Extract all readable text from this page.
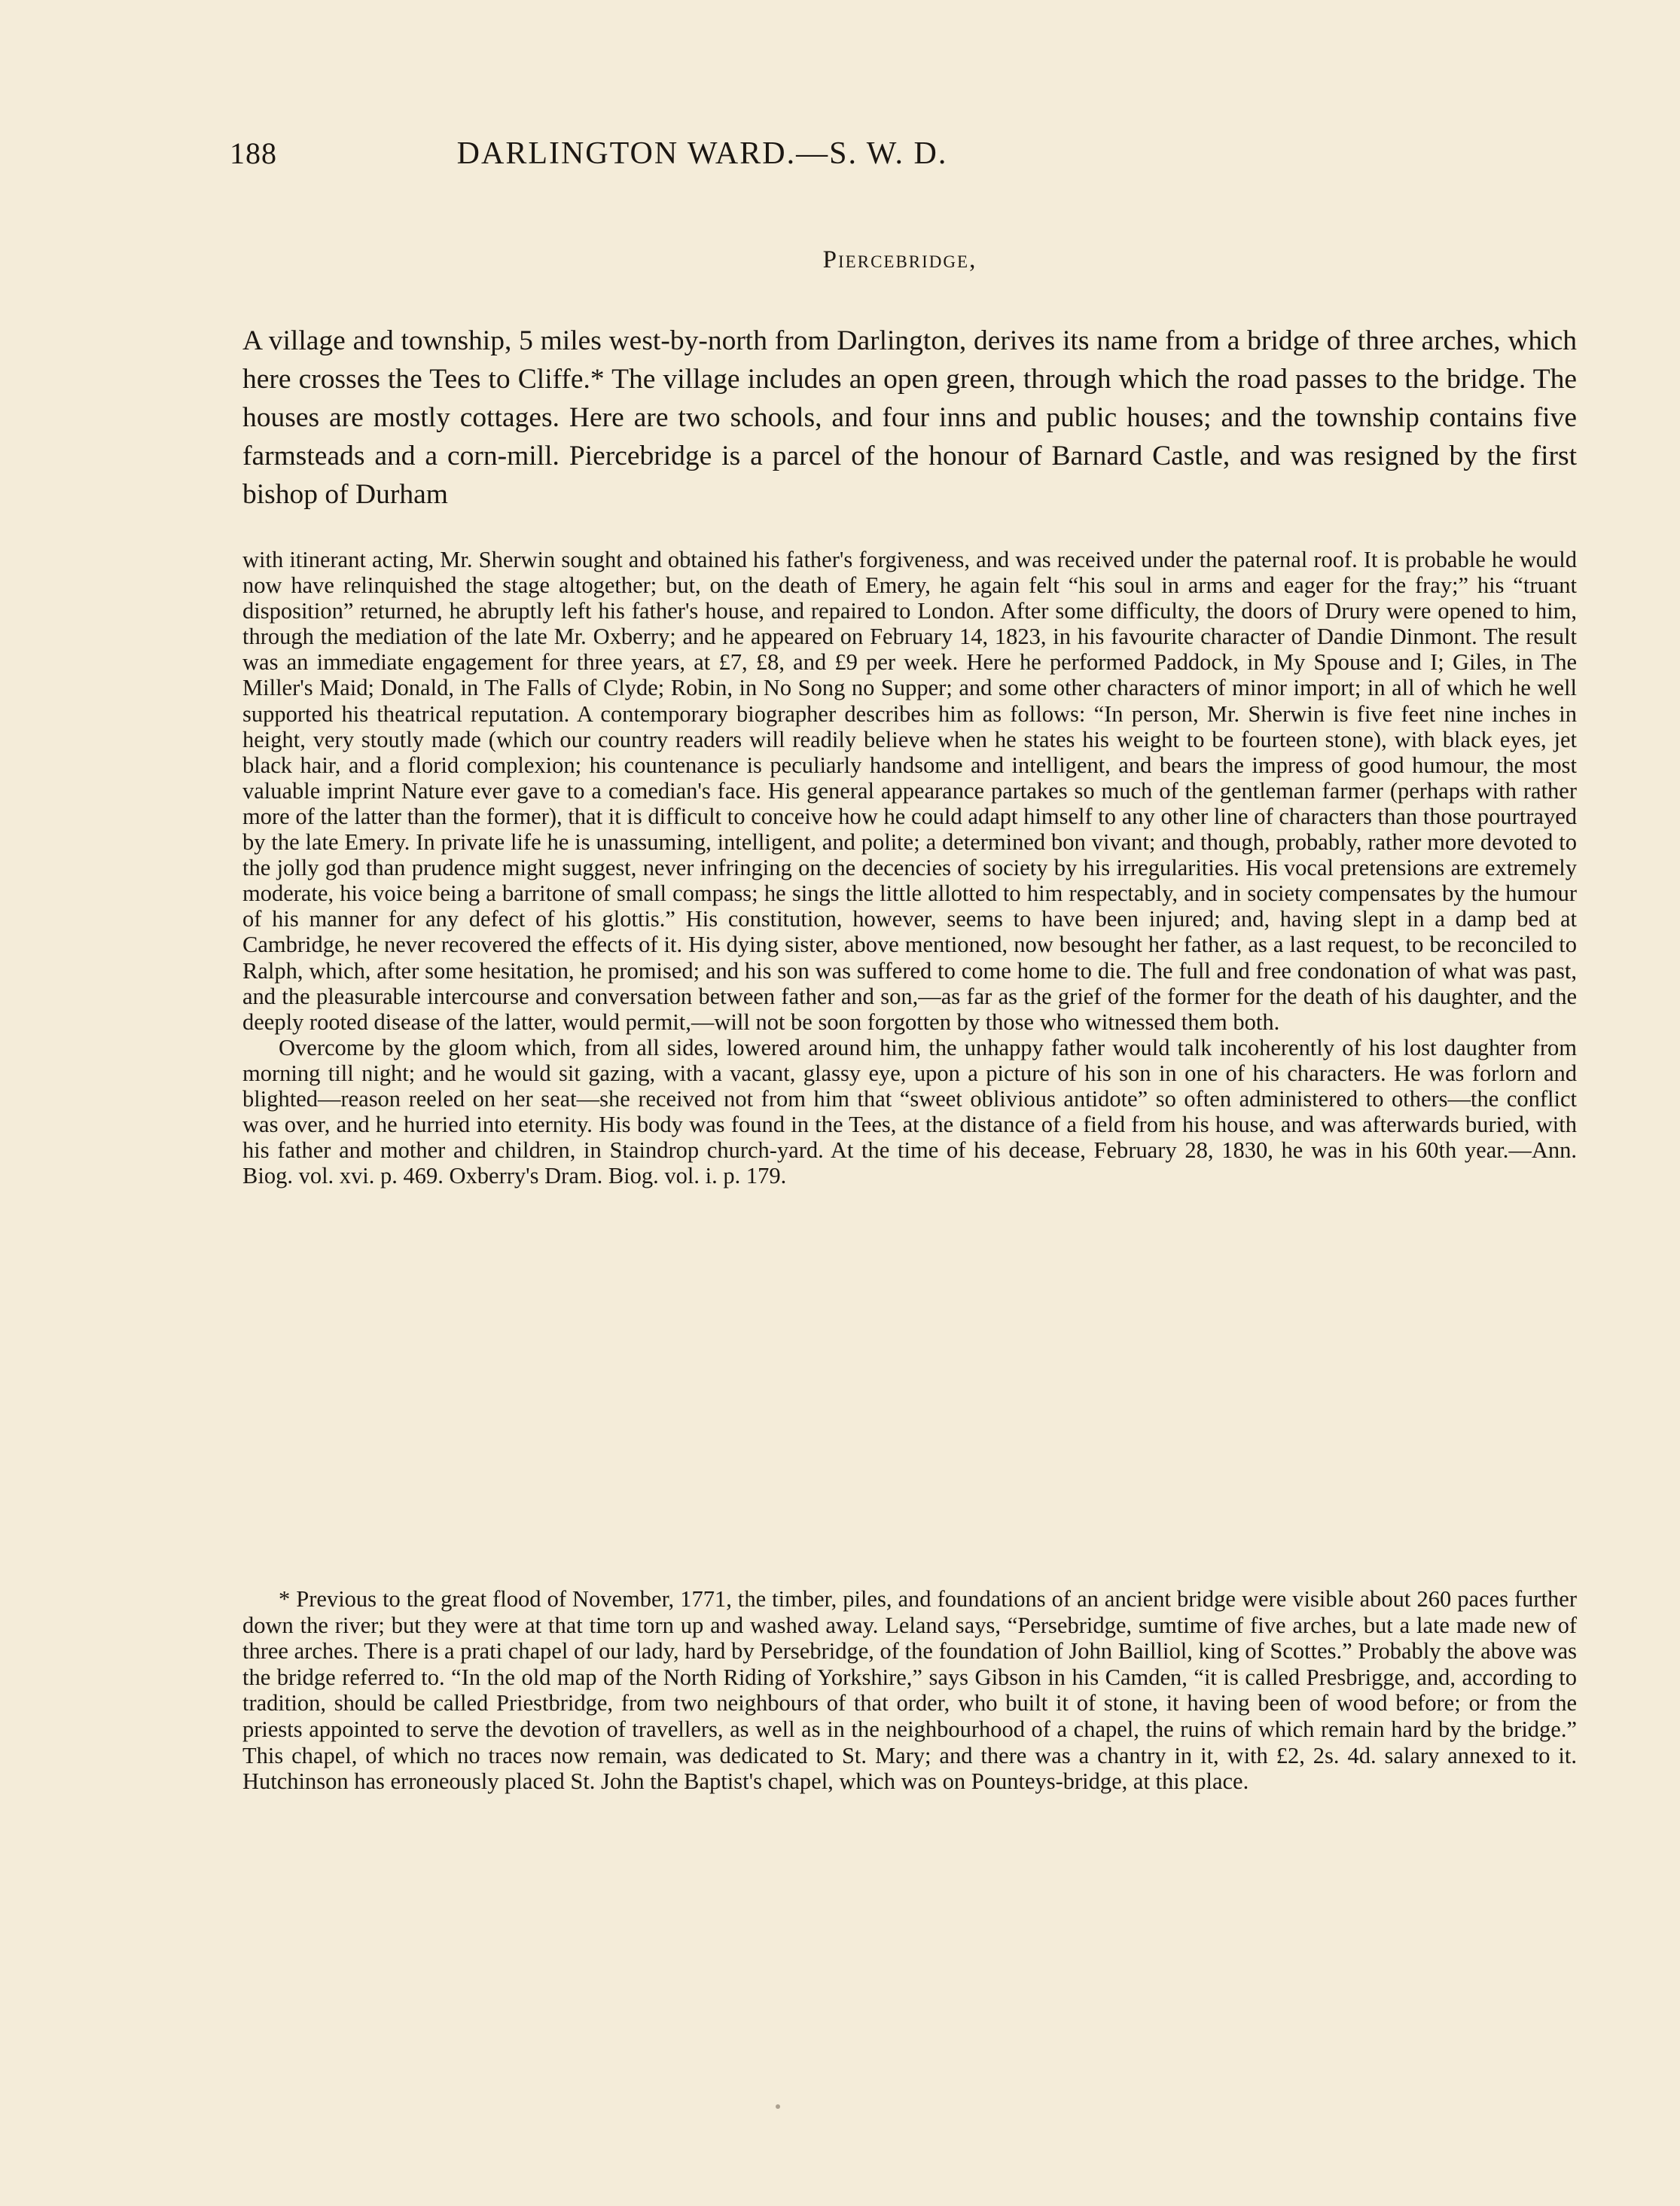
188	DARLINGTON WARD.—S. W. D.
Piercebridge,

A village and township, 5 miles west-by-north from Darlington, derives its name from a bridge of three arches, which here crosses the Tees to Cliffe.* The village includes an open green, through which the road passes to the bridge. The houses are mostly cottages. Here are two schools, and four inns and public houses; and the township contains five farmsteads and a corn-mill. Piercebridge is a parcel of the honour of Barnard Castle, and was resigned by the first bishop of Durham

with itinerant acting, Mr. Sherwin sought and obtained his father's forgiveness, and was received under the paternal roof. It is probable he would now have relinquished the stage altogether; but, on the death of Emery, he again felt “his soul in arms and eager for the fray;” his “truant disposition” returned, he abruptly left his father's house, and repaired to London. After some difficulty, the doors of Drury were opened to him, through the mediation of the late Mr. Oxberry; and he appeared on February 14, 1823, in his favourite character of Dandie Dinmont. The result was an immediate engagement for three years, at £7, £8, and £9 per week. Here he performed Paddock, in My Spouse and I; Giles, in The Miller's Maid; Donald, in The Falls of Clyde; Robin, in No Song no Supper; and some other characters of minor import; in all of which he well supported his theatrical reputation. A contemporary biographer describes him as follows: “In person, Mr. Sherwin is five feet nine inches in height, very stoutly made (which our country readers will readily believe when he states his weight to be fourteen stone), with black eyes, jet black hair, and a florid complexion; his countenance is peculiarly handsome and intelligent, and bears the impress of good humour, the most valuable imprint Nature ever gave to a comedian's face. His general appearance partakes so much of the gentleman farmer (perhaps with rather more of the latter than the former), that it is difficult to conceive how he could adapt himself to any other line of characters than those pourtrayed by the late Emery. In private life he is unassuming, intelligent, and polite; a determined bon vivant; and though, probably, rather more devoted to the jolly god than prudence might suggest, never infringing on the decencies of society by his irregularities. His vocal pretensions are extremely moderate, his voice being a barritone of small compass; he sings the little allotted to him respectably, and in society compensates by the humour of his manner for any defect of his glottis.” His constitution, however, seems to have been injured; and, having slept in a damp bed at Cambridge, he never recovered the effects of it. His dying sister, above mentioned, now besought her father, as a last request, to be reconciled to Ralph, which, after some hesitation, he promised; and his son was suffered to come home to die. The full and free condonation of what was past, and the pleasurable intercourse and conversation between father and son,—as far as the grief of the former for the death of his daughter, and the deeply rooted disease of the latter, would permit,—will not be soon forgotten by those who witnessed them both.

Overcome by the gloom which, from all sides, lowered around him, the unhappy father would talk incoherently of his lost daughter from morning till night; and he would sit gazing, with a vacant, glassy eye, upon a picture of his son in one of his characters. He was forlorn and blighted—reason reeled on her seat—she received not from him that “sweet oblivious antidote” so often administered to others—the conflict was over, and he hurried into eternity. His body was found in the Tees, at the distance of a field from his house, and was afterwards buried, with his father and mother and children, in Staindrop church-yard. At the time of his decease, February 28, 1830, he was in his 60th year.—Ann. Biog. vol. xvi. p. 469. Oxberry's Dram. Biog. vol. i. p. 179.

* Previous to the great flood of November, 1771, the timber, piles, and foundations of an ancient bridge were visible about 260 paces further down the river; but they were at that time torn up and washed away. Leland says, “Persebridge, sumtime of five arches, but a late made new of three arches. There is a prati chapel of our lady, hard by Persebridge, of the foundation of John Bailliol, king of Scottes.” Probably the above was the bridge referred to. “In the old map of the North Riding of Yorkshire,” says Gibson in his Camden, “it is called Presbrigge, and, according to tradition, should be called Priestbridge, from two neighbours of that order, who built it of stone, it having been of wood before; or from the priests appointed to serve the devotion of travellers, as well as in the neighbourhood of a chapel, the ruins of which remain hard by the bridge.” This chapel, of which no traces now remain, was dedicated to St. Mary; and there was a chantry in it, with £2, 2s. 4d. salary annexed to it. Hutchinson has erroneously placed St. John the Baptist's chapel, which was on Pounteys-bridge, at this place.
